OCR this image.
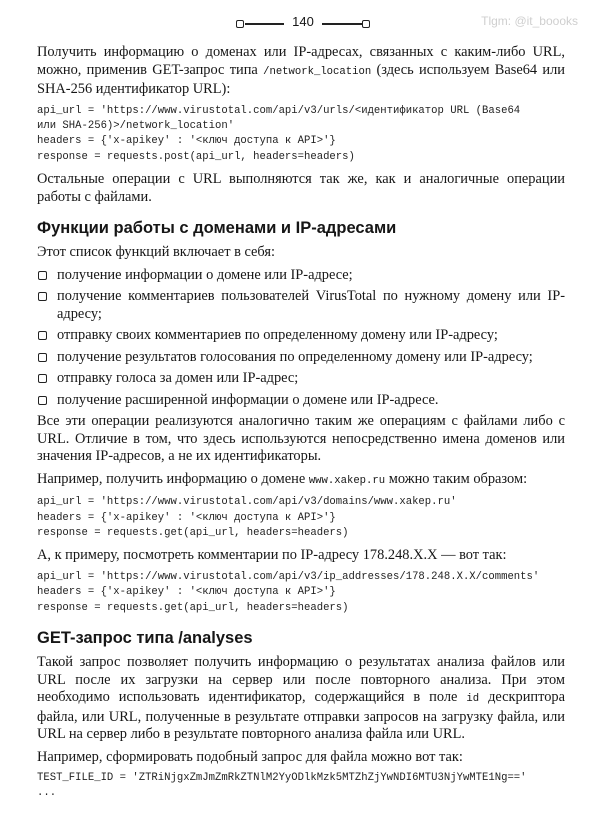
140	Tlgm: @it_boooks

Получить информацию о доменах или IP-адресах, связанных с каким-либо URL, можно, применив GET-запрос типа /network_location (здесь используем Base64 или SHA-256 идентификатор URL):

api_url = 'https://www.virustotal.com/api/v3/urls/<идентификатор URL (Base64
или SHA-256)>/network_location'
headers = {'x-apikey' : '<ключ доступа к API>'}
response = requests.post(api_url, headers=headers)

Остальные операции с URL выполняются так же, как и аналогичные операции работы с файлами.

Функции работы с доменами и IP-адресами

Этот список функций включает в себя:

получение информации о домене или IP-адресе;
получение комментариев пользователей VirusTotal по нужному домену или IP-адресу;
отправку своих комментариев по определенному домену или IP-адресу;
получение результатов голосования по определенному домену или IP-адресу;
отправку голоса за домен или IP-адрес;
получение расширенной информации о домене или IP-адресе.

Все эти операции реализуются аналогично таким же операциям с файлами либо с URL. Отличие в том, что здесь используются непосредственно имена доменов или значения IP-адресов, а не их идентификаторы.

Например, получить информацию о домене www.xakep.ru можно таким образом:

api_url = 'https://www.virustotal.com/api/v3/domains/www.xakep.ru'
headers = {'x-apikey' : '<ключ доступа к API>'}
response = requests.get(api_url, headers=headers)

А, к примеру, посмотреть комментарии по IP-адресу 178.248.X.X — вот так:

api_url = 'https://www.virustotal.com/api/v3/ip_addresses/178.248.X.X/comments'
headers = {'x-apikey' : '<ключ доступа к API>'}
response = requests.get(api_url, headers=headers)
GET-запрос типа /analyses

Такой запрос позволяет получить информацию о результатах анализа файлов или URL после их загрузки на сервер или после повторного анализа. При этом необходимо использовать идентификатор, содержащийся в поле id дескриптора файла, или URL, полученные в результате отправки запросов на загрузку файла, или URL на сервер либо в результате повторного анализа файла или URL.

Например, сформировать подобный запрос для файла можно вот так:

TEST_FILE_ID = 'ZTRiNjgxZmJmZmRkZTNlM2YyODlkMzk5MTZhZjYwNDI6MTU3NjYwMTE1Ng=='
...
